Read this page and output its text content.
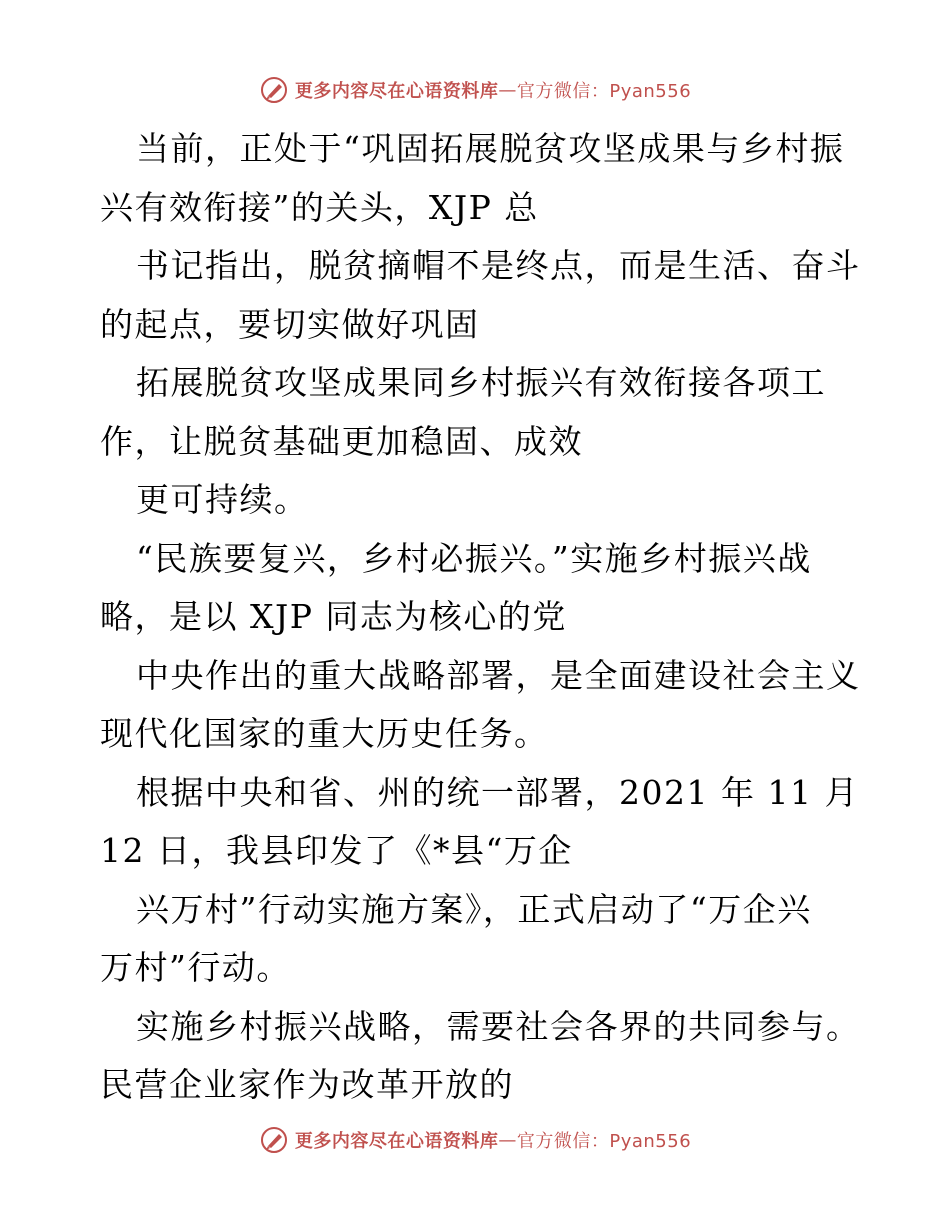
更多内容尽在心语资料库 — 官方微信：Pyan556
当前，正处于“巩固拓展脱贫攻坚成果与乡村振
兴有效衔接”的关头，XJP 总
书记指出，脱贫摘帽不是终点，而是生活、奋斗
的起点，要切实做好巩固
拓展脱贫攻坚成果同乡村振兴有效衔接各项工
作，让脱贫基础更加稳固、成效
更可持续。
“民族要复兴，乡村必振兴。”实施乡村振兴战
略，是以 XJP 同志为核心的党
中央作出的重大战略部署，是全面建设社会主义
现代化国家的重大历史任务。
根据中央和省、州的统一部署，2021 年 11 月
12 日，我县印发了《*县“万企
兴万村”行动实施方案》，正式启动了“万企兴
万村”行动。
实施乡村振兴战略，需要社会各界的共同参与。
民营企业家作为改革开放的
更多内容尽在心语资料库 — 官方微信：Pyan556
